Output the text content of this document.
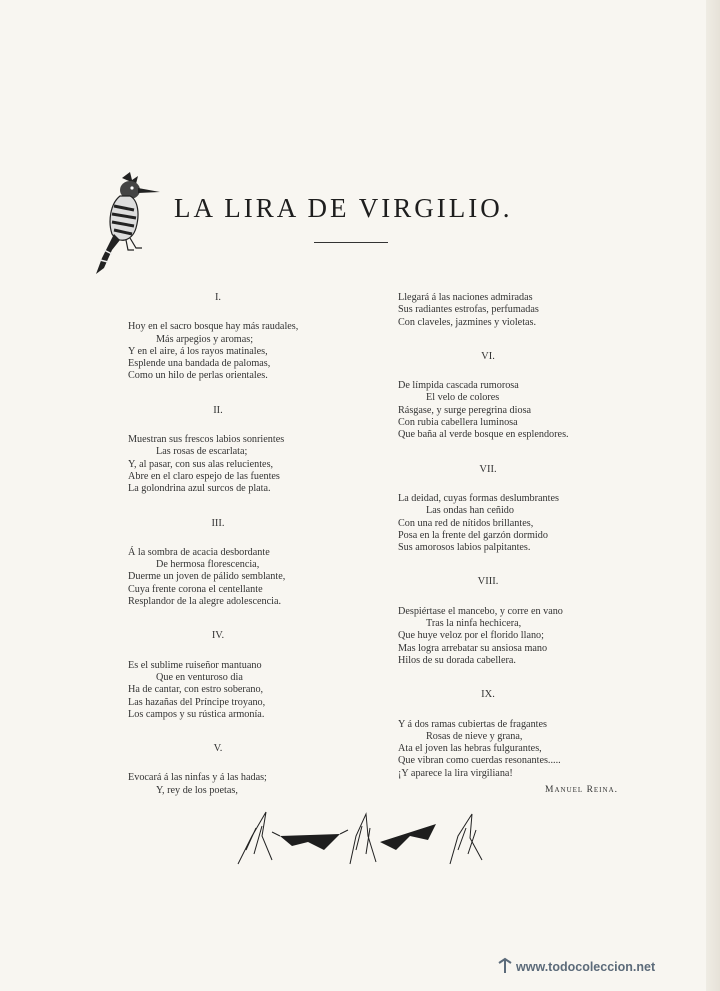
LA LIRA DE VIRGILIO.
I.
Hoy en el sacro bosque hay más raudales,
Más arpegios y aromas;
Y en el aire, á los rayos matinales,
Esplende una bandada de palomas,
Como un hilo de perlas orientales.
II.
Muestran sus frescos labios sonrientes
Las rosas de escarlata;
Y, al pasar, con sus alas relucientes,
Abre en el claro espejo de las fuentes
La golondrina azul surcos de plata.
III.
Á la sombra de acacia desbordante
De hermosa florescencia,
Duerme un joven de pálido semblante,
Cuya frente corona el centellante
Resplandor de la alegre adolescencia.
IV.
Es el sublime ruiseñor mantuano
Que en venturoso dia
Ha de cantar, con estro soberano,
Las hazañas del Príncipe troyano,
Los campos y su rústica armonía.
V.
Evocará á las ninfas y á las hadas;
Y, rey de los poetas,
Llegará á las naciones admiradas
Sus radiantes estrofas, perfumadas
Con claveles, jazmines y violetas.
VI.
De límpida cascada rumorosa
El velo de colores
Rásgase, y surge peregrina diosa
Con rubia cabellera luminosa
Que baña al verde bosque en esplendores.
VII.
La deidad, cuyas formas deslumbrantes
Las ondas han ceñido
Con una red de nítidos brillantes,
Posa en la frente del garzón dormido
Sus amorosos labios palpitantes.
VIII.
Despiértase el mancebo, y corre en vano
Tras la ninfa hechicera,
Que huye veloz por el florido llano;
Mas logra arrebatar su ansiosa mano
Hilos de su dorada cabellera.
IX.
Y á dos ramas cubiertas de fragantes
Rosas de nieve y grana,
Ata el joven las hebras fulgurantes,
Que vibran como cuerdas resonantes.....
¡Y aparece la lira virgiliana!
Manuel Reina.
www.todocoleccion.net
